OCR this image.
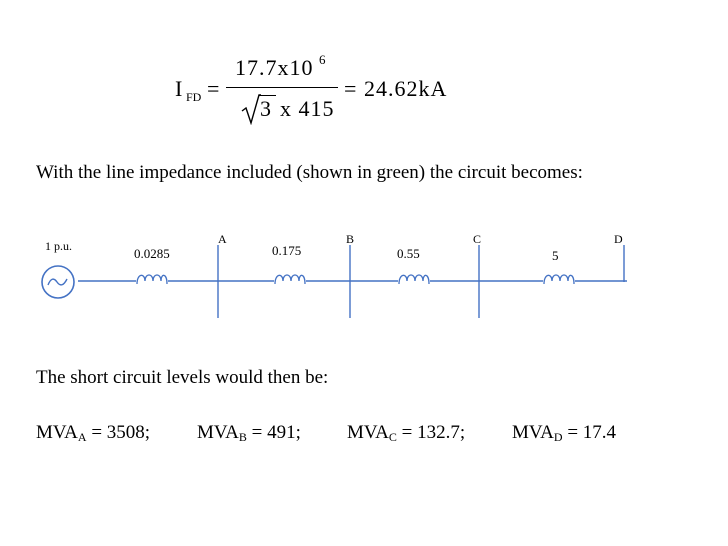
I FD =
17.7x10 6
3 x 415
= 24.62kA
With the line impedance included (shown in green) the circuit becomes:
1 p.u.	0.0285	0.175	0.55	5
A	B	C	D
The short circuit levels would then be:
$MVA_A = 3508$; $MVA_B = 491$; $MVA_C = 132.7$; $MVA_D = 17.4$
